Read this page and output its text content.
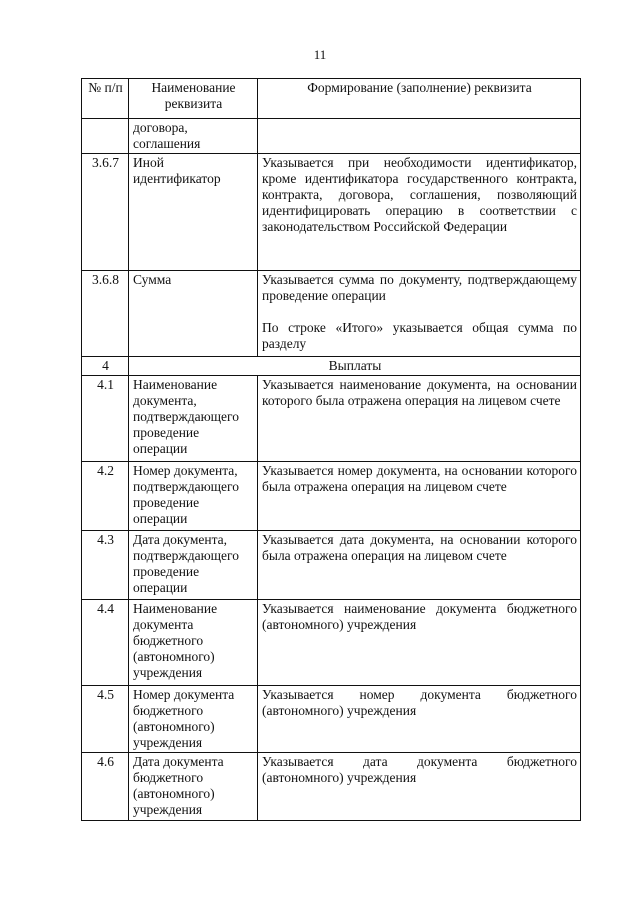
11
№ п/п	Наименование реквизита	Формирование (заполнение) реквизита
	договора, соглашения	
3.6.7	Иной идентификатор	Указывается при необходимости идентификатор, кроме идентификатора государственного контракта, контракта, договора, соглашения, позволяющий идентифицировать операцию в соответствии с законодательством Российской Федерации
3.6.8	Сумма	Указывается сумма по документу, подтверждающему проведение операции
По строке «Итого» указывается общая сумма по разделу

4	Выплаты	
4.1	Наименование документа, подтверждающего проведение операции	Указывается наименование документа, на основании которого была отражена операция на лицевом счете
4.2	Номер документа, подтверждающего проведение операции	Указывается номер документа, на основании которого была отражена операция на лицевом счете
4.3	Дата документа, подтверждающего проведение операции	Указывается дата документа, на основании которого была отражена операция на лицевом счете
4.4	Наименование документа бюджетного (автономного) учреждения	Указывается наименование документа бюджетного (автономного) учреждения
4.5	Номер документа бюджетного (автономного) учреждения	Указывается номер документа бюджетного (автономного) учреждения
4.6	Дата документа бюджетного (автономного) учреждения	Указывается дата документа бюджетного (автономного) учреждения
